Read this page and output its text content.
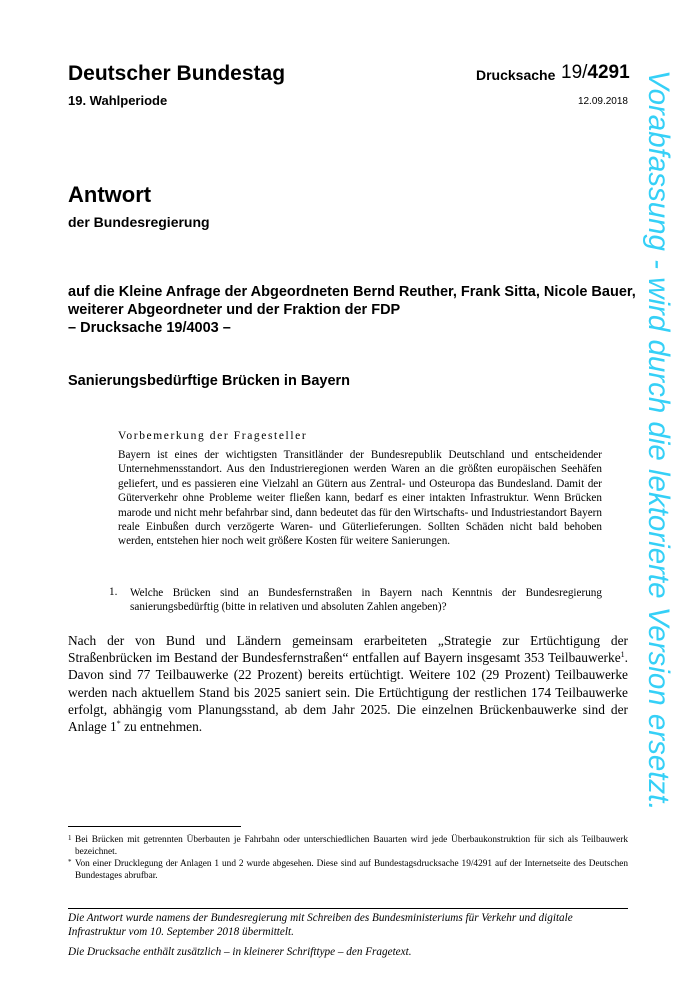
Deutscher Bundestag	Drucksache 19/4291
19. Wahlperiode	12.09.2018
Antwort
der Bundesregierung
auf die Kleine Anfrage der Abgeordneten Bernd Reuther, Frank Sitta, Nicole Bauer,
weiterer Abgeordneter und der Fraktion der FDP
– Drucksache 19/4003 –
Sanierungsbedürftige Brücken in Bayern
Vorbemerkung der Fragesteller
Bayern ist eines der wichtigsten Transitländer der Bundesrepublik Deutschland und entscheidender Unternehmensstandort. Aus den Industrieregionen werden Waren an die größten europäischen Seehäfen geliefert, und es passieren eine Vielzahl an Gütern aus Zentral- und Osteuropa das Bundesland. Damit der Güterverkehr ohne Probleme weiter fließen kann, bedarf es einer intakten Infrastruktur. Wenn Brücken marode und nicht mehr befahrbar sind, dann bedeutet das für den Wirtschafts- und Industriestandort Bayern reale Einbußen durch verzögerte Waren- und Güterlieferungen. Sollten Schäden nicht bald behoben werden, entstehen hier noch weit größere Kosten für weitere Sanierungen.
1. Welche Brücken sind an Bundesfernstraßen in Bayern nach Kenntnis der Bundesregierung sanierungsbedürftig (bitte in relativen und absoluten Zahlen angeben)?
Nach der von Bund und Ländern gemeinsam erarbeiteten „Strategie zur Ertüchtigung der Straßenbrücken im Bestand der Bundesfernstraßen“ entfallen auf Bayern insgesamt 353 Teilbauwerke$^1$. Davon sind 77 Teilbauwerke (22 Prozent) bereits ertüchtigt. Weitere 102 (29 Prozent) Teilbauwerke werden nach aktuellem Stand bis 2025 saniert sein. Die Ertüchtigung der restlichen 174 Teilbauwerke erfolgt, abhängig vom Planungsstand, ab dem Jahr 2025. Die einzelnen Brückenbauwerke sind der Anlage 1* zu entnehmen.
1 Bei Brücken mit getrennten Überbauten je Fahrbahn oder unterschiedlichen Bauarten wird jede Überbaukonstruktion für sich als Teilbauwerk bezeichnet.
* Von einer Drucklegung der Anlagen 1 und 2 wurde abgesehen. Diese sind auf Bundestagsdrucksache 19/4291 auf der Internetseite des Deutschen Bundestages abrufbar.
Die Antwort wurde namens der Bundesregierung mit Schreiben des Bundesministeriums für Verkehr und digitale Infrastruktur vom 10. September 2018 übermittelt.
Die Drucksache enthält zusätzlich – in kleinerer Schrifttype – den Fragetext.
Vorabfassung - wird durch die lektorierte Version ersetzt.
